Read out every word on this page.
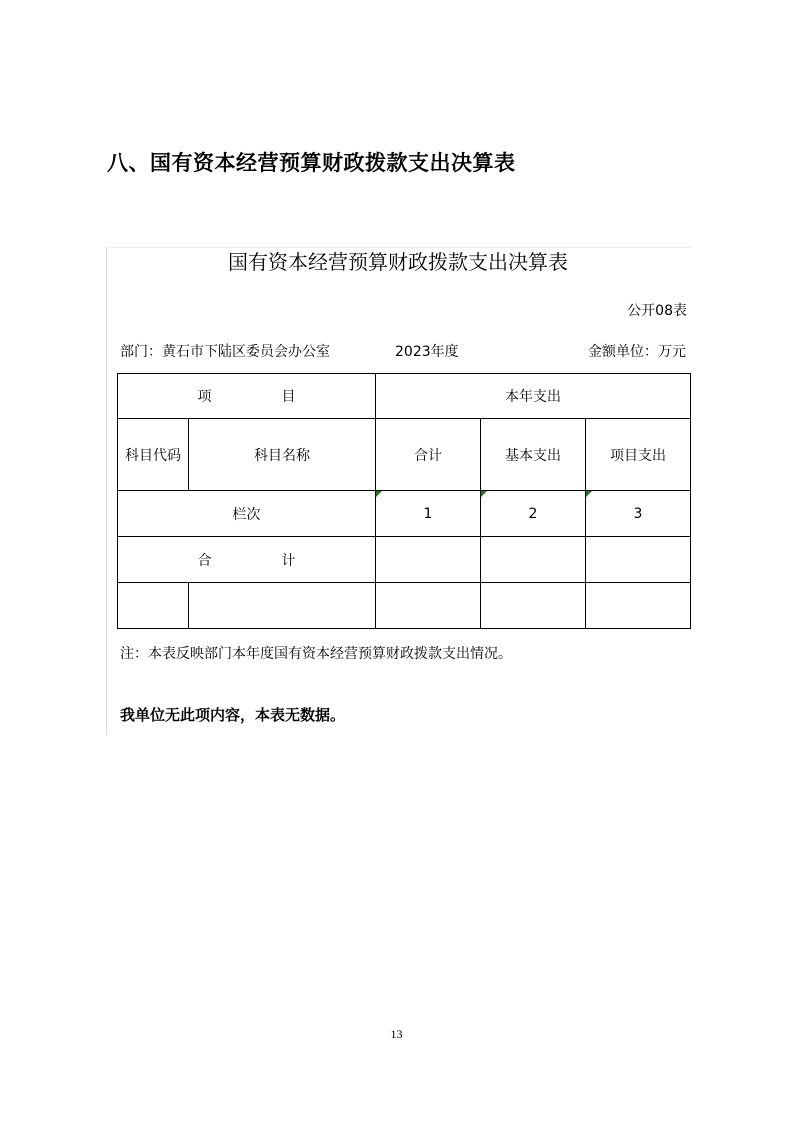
八、国有资本经营预算财政拨款支出决算表
国有资本经营预算财政拨款支出决算表
公开08表
部门：黄石市下陆区委员会办公室	2023年度	金额单位：万元
项 目		本年支出		
科目代码	科目名称	合计	基本支出	项目支出
栏次		1	2	3
合 计				

注：本表反映部门本年度国有资本经营预算财政拨款支出情况。
我单位无此项内容，本表无数据。
13
